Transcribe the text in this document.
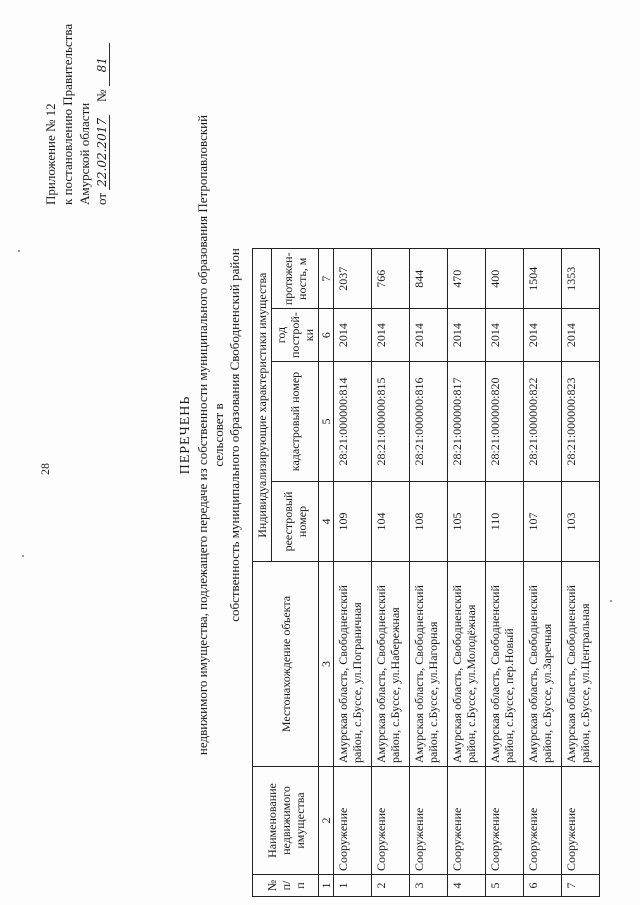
28
Приложение № 12 к постановлению Правительства Амурской области от 22.02.2017    № 81
ПЕРЕЧЕНЬ недвижимого имущества, подлежащего передаче из собственности муниципального образования Петропавловский сельсовет в собственность муниципального образования Свободненский район
№ п/п	Наименование недвижимого имущества	Местонахождение объекта	Индивидуализирующие характеристики имущества			
			реестровый номер	кадастровый номер	год построй-ки	протяжен-ность, м
1	2	3	4	5	6	7
1	Сооружение	Амурская область, Свободненский район, с.Бусcе, ул.Пограничная	109	28:21:000000:814	2014	2037
2	Сооружение	Амурская область, Свободненский район, с.Бусcе, ул.Набережная	104	28:21:000000:815	2014	766
3	Сооружение	Амурская область, Свободненский район, с.Бусcе, ул.Нагорная	108	28:21:000000:816	2014	844
4	Сооружение	Амурская область, Свободненский район, с.Бусcе, ул.Молодёжная	105	28:21:000000:817	2014	470
5	Сооружение	Амурская область, Свободненский район, с.Бусcе, пер.Новый	110	28:21:000000:820	2014	400
6	Сооружение	Амурская область, Свободненский район, с.Бусcе, ул.Заречная	107	28:21:000000:822	2014	1504
7	Сооружение	Амурская область, Свободненский район, с.Бусcе, ул.Центральная	103	28:21:000000:823	2014	1353
